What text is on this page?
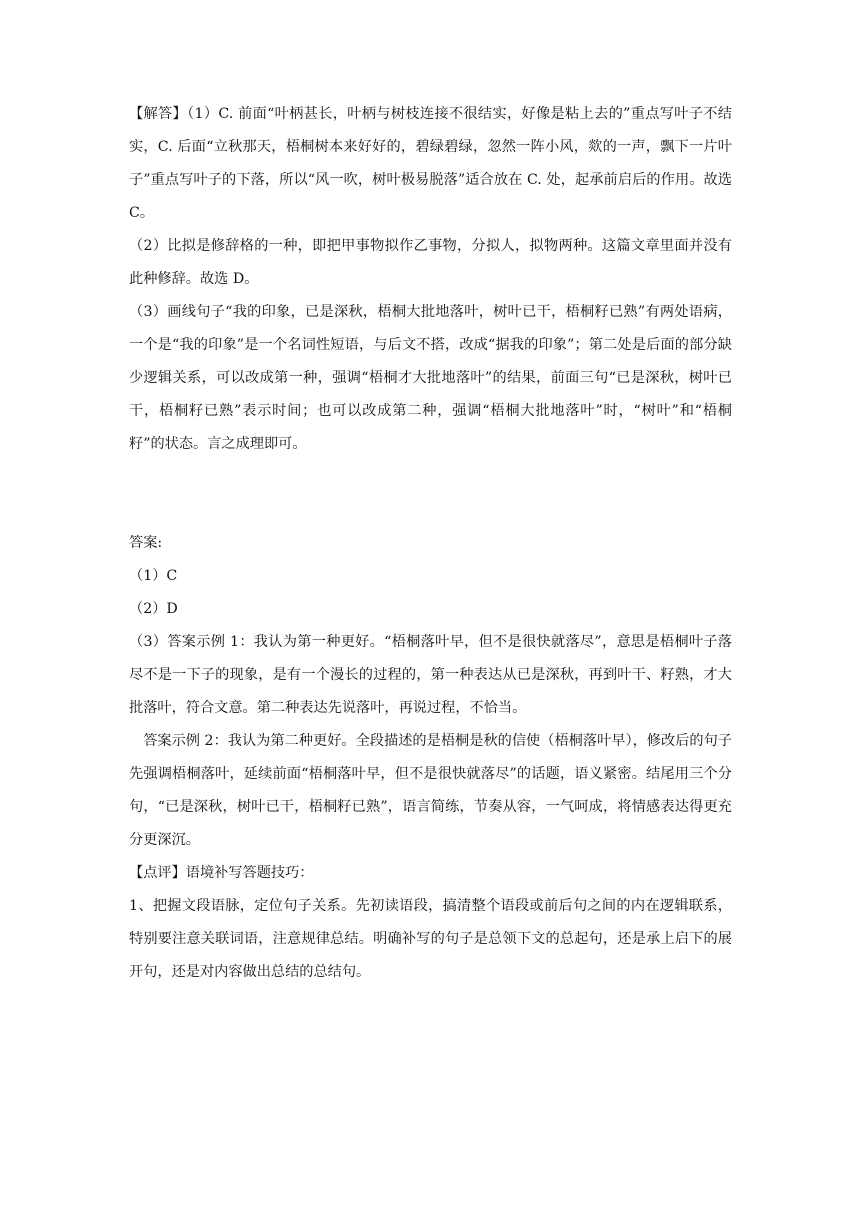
【解答】（1）C. 前面“叶柄甚长，叶柄与树枝连接不很结实，好像是粘上去的”重点写叶子不结实，C. 后面“立秋那天，梧桐树本来好好的，碧绿碧绿，忽然一阵小风，欻的一声，飘下一片叶子”重点写叶子的下落，所以“风一吹，树叶极易脱落”适合放在 C. 处，起承前启后的作用。故选 C。

（2）比拟是修辞格的一种，即把甲事物拟作乙事物，分拟人，拟物两种。这篇文章里面并没有此种修辞。故选 D。

（3）画线句子“我的印象，已是深秋，梧桐大批地落叶，树叶已干，梧桐籽已熟”有两处语病，一个是“我的印象”是一个名词性短语，与后文不搭，改成“据我的印象”；第二处是后面的部分缺少逻辑关系，可以改成第一种，强调“梧桐才大批地落叶”的结果，前面三句“已是深秋，树叶已干，梧桐籽已熟”表示时间；也可以改成第二种，强调“梧桐大批地落叶”时，“树叶”和“梧桐籽”的状态。言之成理即可。

答案:

（1）C

（2）D

（3）答案示例 1：我认为第一种更好。“梧桐落叶早，但不是很快就落尽”，意思是梧桐叶子落尽不是一下子的现象，是有一个漫长的过程的，第一种表达从已是深秋，再到叶干、籽熟，才大批落叶，符合文意。第二种表达先说落叶，再说过程，不恰当。

答案示例 2：我认为第二种更好。全段描述的是梧桐是秋的信使（梧桐落叶早），修改后的句子先强调梧桐落叶，延续前面“梧桐落叶早，但不是很快就落尽”的话题，语义紧密。结尾用三个分句，“已是深秋，树叶已干，梧桐籽已熟”，语言简练，节奏从容，一气呵成，将情感表达得更充分更深沉。

【点评】语境补写答题技巧：

1、把握文段语脉，定位句子关系。先初读语段，搞清整个语段或前后句之间的内在逻辑联系，特别要注意关联词语，注意规律总结。明确补写的句子是总领下文的总起句，还是承上启下的展开句，还是对内容做出总结的总结句。
